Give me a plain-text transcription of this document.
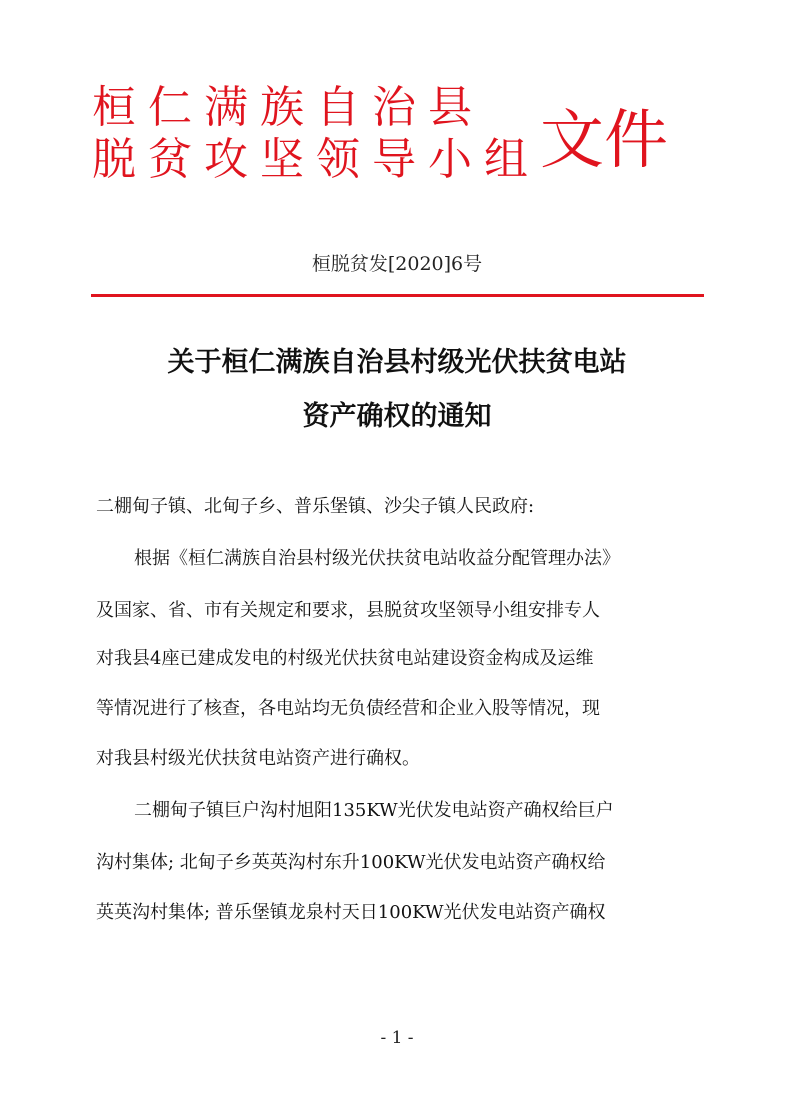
桓仁满族自治县
脱贫攻坚领导小组 文件
桓脱贫发[2020]6号
关于桓仁满族自治县村级光伏扶贫电站
资产确权的通知
二棚甸子镇、北甸子乡、普乐堡镇、沙尖子镇人民政府:
根据《桓仁满族自治县村级光伏扶贫电站收益分配管理办法》
及国家、省、市有关规定和要求，县脱贫攻坚领导小组安排专人
对我县4座已建成发电的村级光伏扶贫电站建设资金构成及运维
等情况进行了核查，各电站均无负债经营和企业入股等情况，现
对我县村级光伏扶贫电站资产进行确权。
二棚甸子镇巨户沟村旭阳135KW光伏发电站资产确权给巨户
沟村集体; 北甸子乡英英沟村东升100KW光伏发电站资产确权给
英英沟村集体; 普乐堡镇龙泉村天日100KW光伏发电站资产确权
- 1 -
